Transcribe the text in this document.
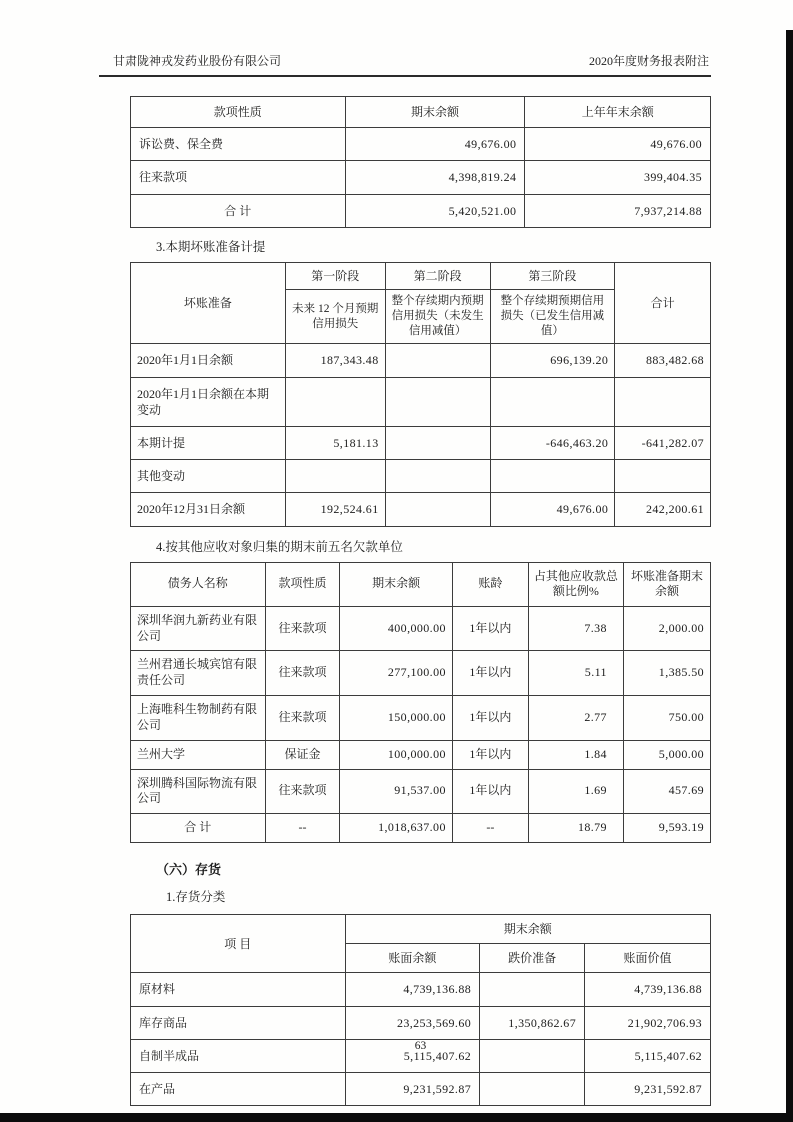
甘肃陇神戎发药业股份有限公司	2020年度财务报表附注
款项性质	期末余额	上年年末余额
诉讼费、保全费	49,676.00	49,676.00
往来款项	4,398,819.24	399,404.35
合 计	5,420,521.00	7,937,214.88

3.本期坏账准备计提

坏账准备	第一阶段	第二阶段	第三阶段	合计
	未来 12 个月预期信用损失	整个存续期内预期信用损失（未发生信用减值）	整个存续期预期信用损失（已发生信用减值）	
2020年1月1日余额	187,343.48		696,139.20	883,482.68
2020年1月1日余额在本期变动				
本期计提	5,181.13		-646,463.20	-641,282.07
其他变动				
2020年12月31日余额	192,524.61		49,676.00	242,200.61

4.按其他应收对象归集的期末前五名欠款单位

债务人名称	款项性质	期末余额	账龄	占其他应收款总额比例%	坏账准备期末余额
深圳华润九新药业有限公司	往来款项	400,000.00	1年以内	7.38	2,000.00
兰州君通长城宾馆有限责任公司	往来款项	277,100.00	1年以内	5.11	1,385.50
上海唯科生物制药有限公司	往来款项	150,000.00	1年以内	2.77	750.00
兰州大学	保证金	100,000.00	1年以内	1.84	5,000.00
深圳腾科国际物流有限公司	往来款项	91,537.00	1年以内	1.69	457.69
合 计	--	1,018,637.00	--	18.79	9,593.19

（六）存货

1.存货分类

项 目	期末余额		
	账面余额	跌价准备	账面价值
原材料	4,739,136.88		4,739,136.88
库存商品	23,253,569.60	1,350,862.67	21,902,706.93
自制半成品	5,115,407.62		5,115,407.62
在产品	9,231,592.87		9,231,592.87
63
